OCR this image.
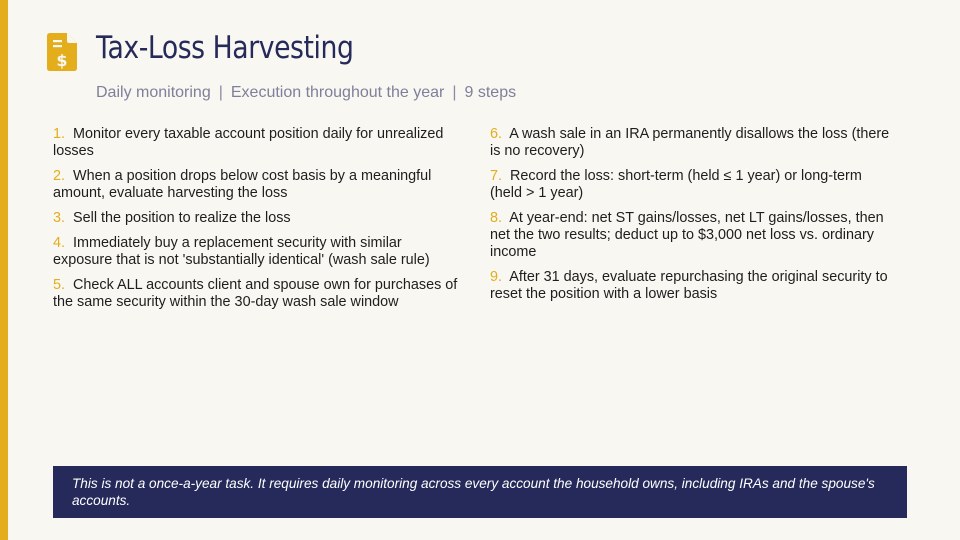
$ Tax-Loss Harvesting
Daily monitoring | Execution throughout the year | 9 steps
1. Monitor every taxable account position daily for unrealized losses
2. When a position drops below cost basis by a meaningful amount, evaluate harvesting the loss
3. Sell the position to realize the loss
4. Immediately buy a replacement security with similar exposure that is not 'substantially identical' (wash sale rule)
5. Check ALL accounts client and spouse own for purchases of the same security within the 30-day wash sale window
6. A wash sale in an IRA permanently disallows the loss (there is no recovery)
7. Record the loss: short-term (held ≤ 1 year) or long-term (held > 1 year)
8. At year-end: net ST gains/losses, net LT gains/losses, then net the two results; deduct up to $3,000 net loss vs. ordinary income
9. After 31 days, evaluate repurchasing the original security to reset the position with a lower basis
This is not a once-a-year task. It requires daily monitoring across every account the household owns, including IRAs and the spouse's accounts.
